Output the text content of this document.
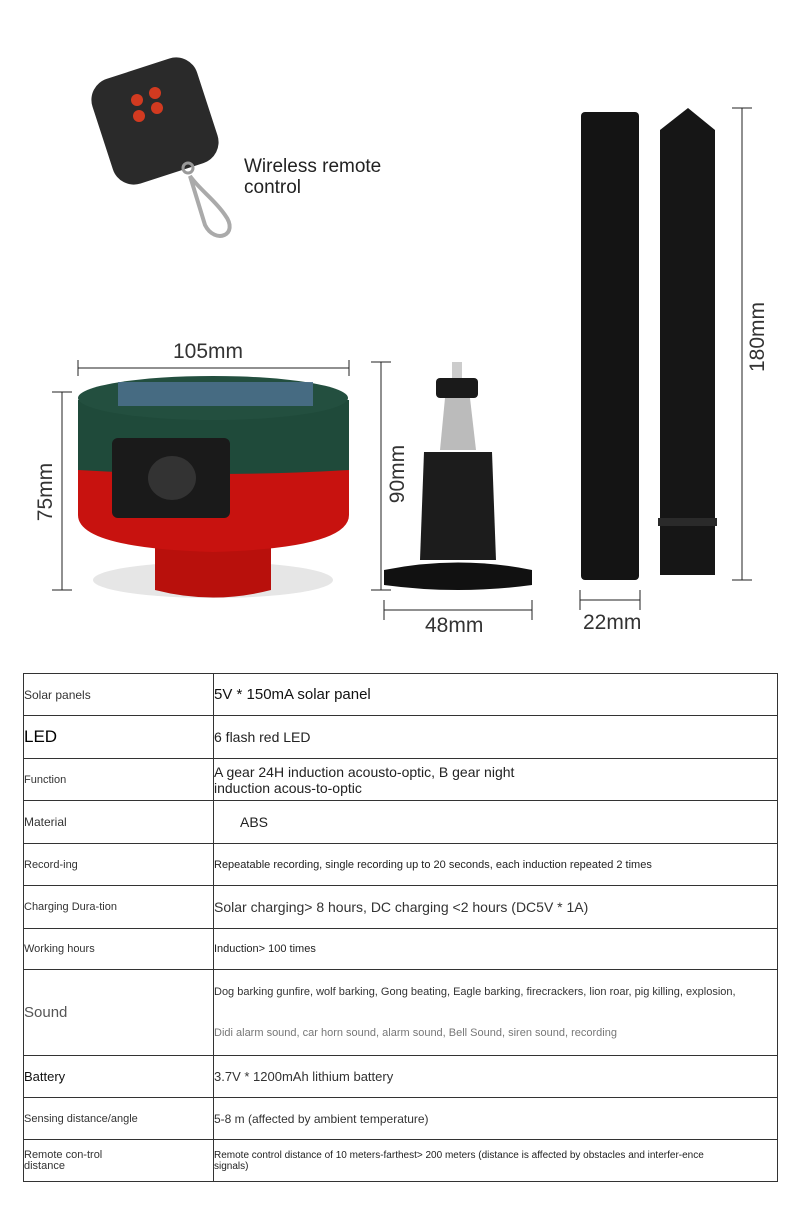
Wireless remote control
105mm
75mm	90mm
48mm	22mm
180mm
Solar panels	5V * 150mA solar panel
LED	6 flash red LED
Function	A gear 24H induction acousto-optic, B gear night induction acous-to-optic
Material	ABS
Record-ing	Repeatable recording, single recording up to 20 seconds, each induction repeated 2 times
Charging Dura-tion	Solar charging> 8 hours, DC charging <2 hours (DC5V * 1A)
Working hours	Induction> 100 times
Sound	Dog barking gunfire, wolf barking, Gong beating, Eagle barking, firecrackers, lion roar, pig killing, explosion,
Didi alarm sound, car horn sound, alarm sound, Bell Sound, siren sound, recording

Battery	3.7V * 1200mAh lithium battery
Sensing distance/angle	5-8 m (affected by ambient temperature)
Remote con-trol distance	Remote control distance of 10 meters-farthest> 200 meters (distance is affected by obstacles and interfer-ence signals)
